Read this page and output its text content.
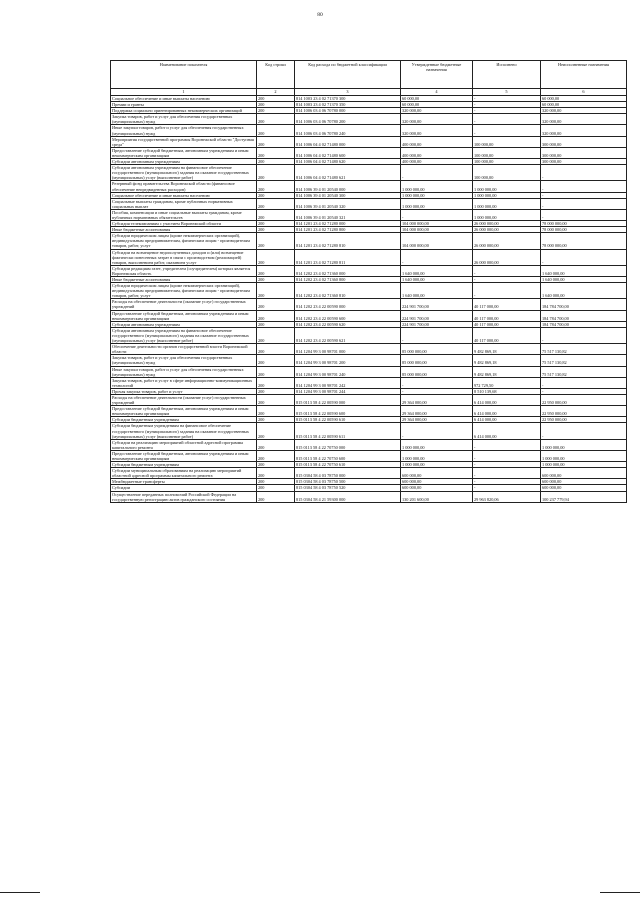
80
Наименование показателя	Код строки	Код расхода по бюджетной классификации	Утвержденные бюджетные назначения	Исполнено	Неисполненные назначения
1	2	3	4	5	6
Социальное обеспечение и иные выплаты населению	200	814 1003 23 4 02 71370 300	60 000,00	-	60 000,00
Премии и гранты	200	814 1003 23 4 02 71370 350	60 000,00	-	60 000,00
Поддержка социально ориентированных некоммерческих организаций	200	814 1006 03 4 06 70780 000	320 000,00	-	320 000,00
Закупка товаров, работ и услуг для обеспечения государственных (муниципальных) нужд	200	814 1006 03 4 06 70780 200	320 000,00	-	320 000,00
Иные закупки товаров, работ и услуг для обеспечения государственных (муниципальных) нужд	200	814 1006 03 4 06 70780 240	320 000,00	-	320 000,00
Мероприятия государственной программы Воронежской области "Доступная среда"	200	814 1006 04 4 02 71480 000	400 000,00	100 000,00	300 000,00
Предоставление субсидий бюджетным, автономным учреждениям и иным некоммерческим организациям	200	814 1006 04 4 02 71480 600	400 000,00	100 000,00	300 000,00
Субсидии автономным учреждениям	200	814 1006 04 4 02 71480 620	400 000,00	100 000,00	300 000,00
Субсидии автономным учреждениям на финансовое обеспечение государственного (муниципального) задания на оказание государственных (муниципальных) услуг (выполнение работ)	200	814 1006 04 4 02 71480 621	-	100 000,00	-
Резервный фонд правительства Воронежской области (финансовое обеспечение непредвиденных расходов)	200	814 1006 39 4 01 20540 000	1 000 000,00	1 000 000,00	-
Социальное обеспечение и иные выплаты населению	200	814 1006 39 4 01 20540 300	1 000 000,00	1 000 000,00	-
Социальные выплаты гражданам, кроме публичных нормативных социальных выплат	200	814 1006 39 4 01 20540 320	1 000 000,00	1 000 000,00	-
Пособия, компенсации и иные социальные выплаты гражданам, кроме публичных нормативных обязательств	200	814 1006 39 4 01 20540 321	-	1 000 000,00	-
Субсидия телекомпаниям с участием Воронежской области	200	814 1201 23 4 02 71280 000	104 000 000,00	26 000 000,00	78 000 000,00
Иные бюджетные ассигнования	200	814 1201 23 4 02 71280 800	104 000 000,00	26 000 000,00	78 000 000,00
Субсидии юридическим лицам (кроме некоммерческих организаций), индивидуальным предпринимателям, физическим лицам - производителям товаров, работ, услуг	200	814 1201 23 4 02 71280 810	104 000 000,00	26 000 000,00	78 000 000,00
Субсидии на возмещение недополученных доходов и (или) возмещение фактически понесенных затрат в связи с производством (реализацией) товаров, выполнением работ, оказанием услуг	200	814 1201 23 4 02 71280 811	-	26 000 000,00	-
Субсидии редакциям газет, учредителем (соучредителем) которых является Воронежская область	200	814 1202 23 4 02 71360 000	1 640 000,00	-	1 640 000,00
Иные бюджетные ассигнования	200	814 1202 23 4 02 71360 800	1 640 000,00	-	1 640 000,00
Субсидии юридическим лицам (кроме некоммерческих организаций), индивидуальным предпринимателям, физическим лицам - производителям товаров, работ, услуг	200	814 1202 23 4 02 71360 810	1 640 000,00	-	1 640 000,00
Расходы на обеспечение деятельности (оказание услуг) государственных учреждений	200	814 1202 23 4 22 00590 000	224 901 700,00	40 117 000,00	184 784 700,00
Предоставление субсидий бюджетным, автономным учреждениям и иным некоммерческим организациям	200	814 1202 23 4 22 00590 600	224 901 700,00	40 117 000,00	184 784 700,00
Субсидии автономным учреждениям	200	814 1202 23 4 22 00590 620	224 901 700,00	40 117 000,00	184 784 700,00
Субсидии автономным учреждениям на финансовое обеспечение государственного (муниципального) задания на оказание государственных (муниципальных) услуг (выполнение работ)	200	814 1202 23 4 22 00590 621	-	40 117 000,00	-
Обеспечение деятельности органов государственной власти Воронежской области	200	814 1204 99 3 00 98701 000	85 000 000,00	9 482 869,18	75 517 130,82
Закупка товаров, работ и услуг для обеспечения государственных (муниципальных) нужд	200	814 1204 99 3 00 98701 200	85 000 000,00	9 482 869,18	75 517 130,82
Иные закупки товаров, работ и услуг для обеспечения государственных (муниципальных) нужд	200	814 1204 99 3 00 98701 240	85 000 000,00	9 482 869,18	75 517 130,82
Закупка товаров, работ и услуг в сфере информационно-коммуникационных технологий	200	814 1204 99 3 00 98701 242	-	972 729,50	-
Прочая закупка товаров, работ и услуг	200	814 1204 99 3 00 98701 244	-	8 510 139,68	-
Расходы на обеспечение деятельности (оказание услуг) государственных учреждений	200	815 0113 58 4 22 00590 000	29 364 000,00	6 414 000,00	22 950 000,00
Предоставление субсидий бюджетным, автономным учреждениям и иным некоммерческим организациям	200	815 0113 58 4 22 00590 600	29 364 000,00	6 414 000,00	22 950 000,00
Субсидии бюджетным учреждениям	200	815 0113 58 4 22 00590 610	29 364 000,00	6 414 000,00	22 950 000,00
Субсидии бюджетным учреждениям на финансовое обеспечение государственного (муниципального) задания на оказание государственных (муниципальных) услуг (выполнение работ)	200	815 0113 58 4 22 00590 611	-	6 414 000,00	-
Субсидии на реализацию мероприятий областной адресной программы капитального ремонта	200	815 0113 58 4 22 70750 000	1 000 000,00	-	1 000 000,00
Предоставление субсидий бюджетным, автономным учреждениям и иным некоммерческим организациям	200	815 0113 58 4 22 70750 600	1 000 000,00	-	1 000 000,00
Субсидии бюджетным учреждениям	200	815 0113 58 4 22 70750 610	1 000 000,00	-	1 000 000,00
Субсидии муниципальным образованиям на реализацию мероприятий областной адресной программы капитального ремонта	200	815 0304 58 4 03 78750 000	600 000,00	-	600 000,00
Межбюджетные трансферты	200	815 0304 58 4 03 78750 500	600 000,00	-	600 000,00
Субсидии	200	815 0304 58 4 03 78750 520	600 000,00	-	600 000,00
Осуществление переданных полномочий Российской Федерации на государственную регистрацию актов гражданского состояния	200	815 0304 58 4 21 59300 000	130 201 600,00	29 963 820,06	100 237 779,94
